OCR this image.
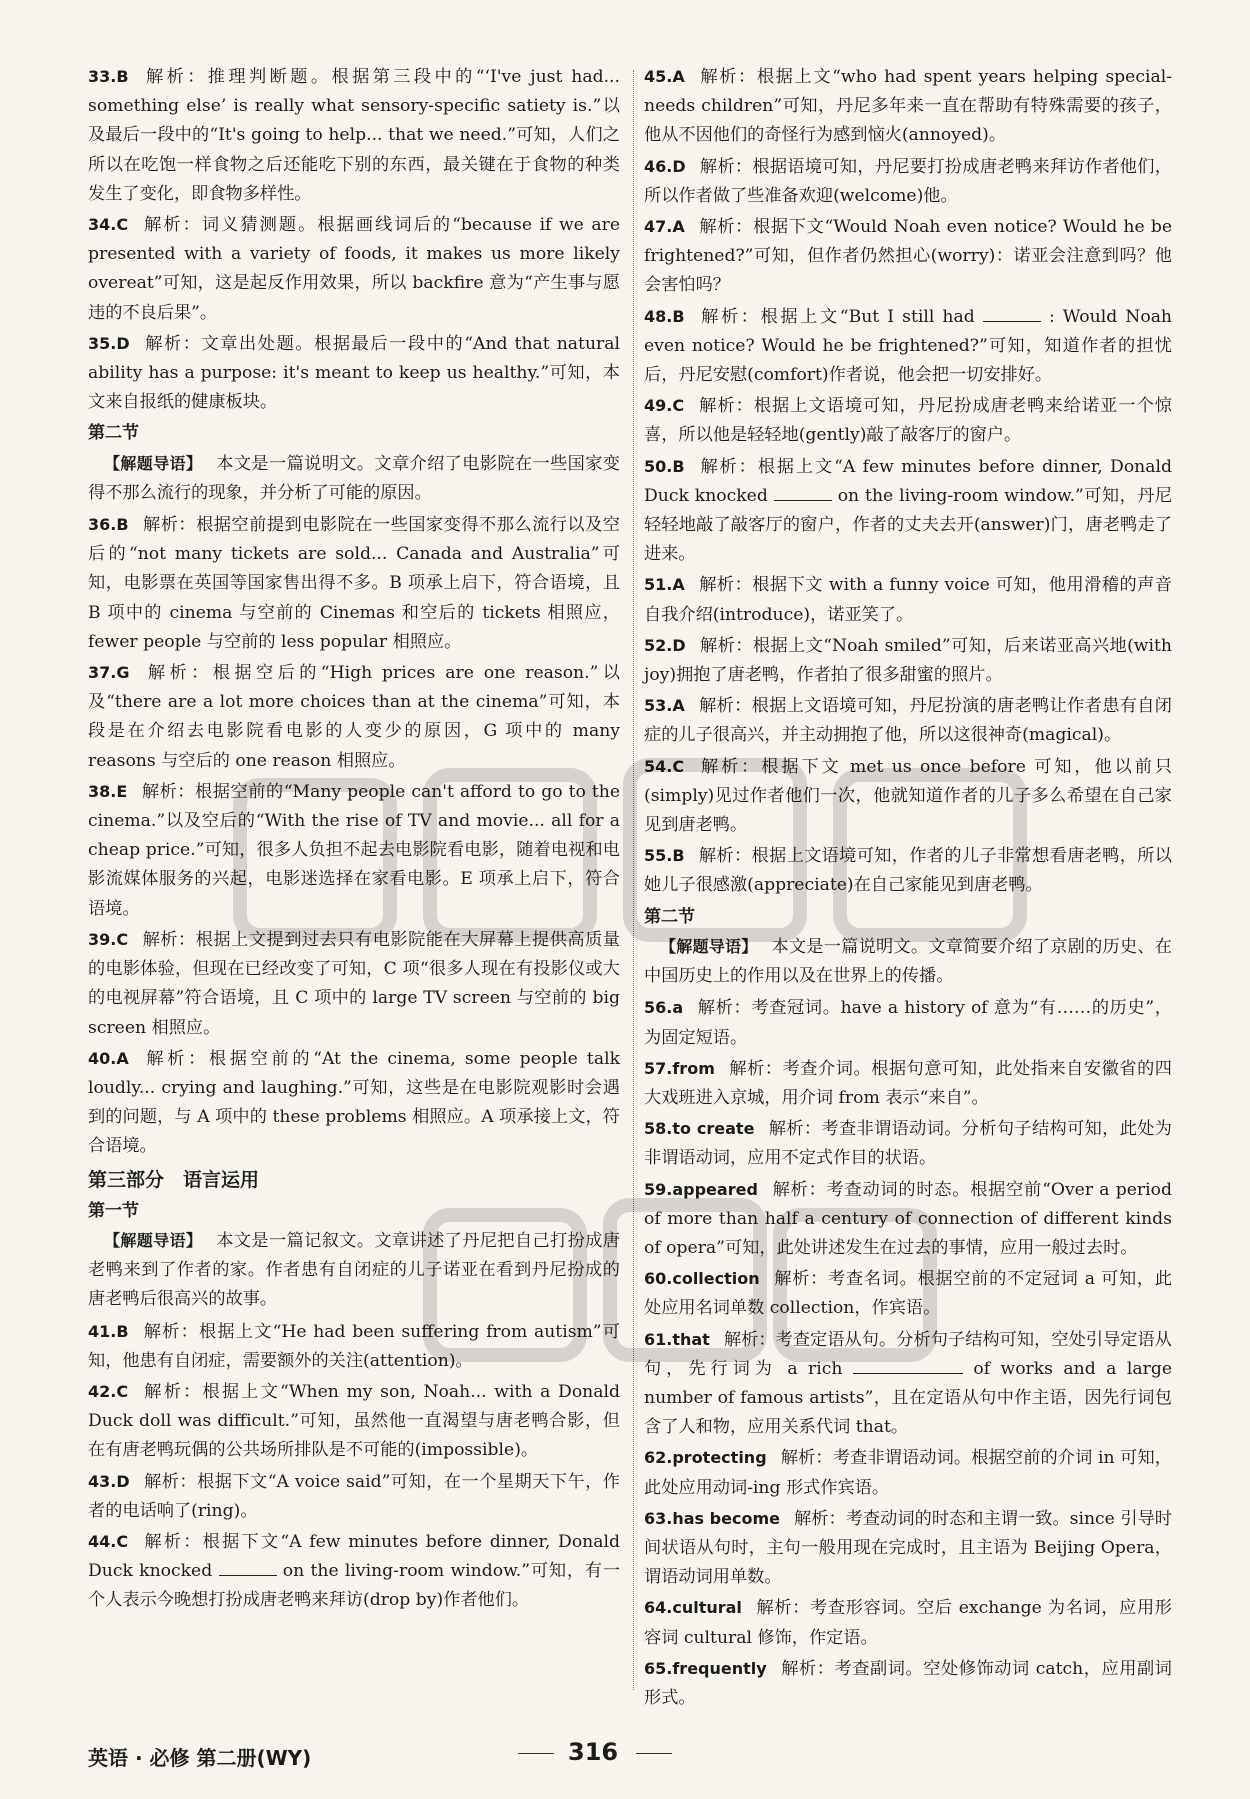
33.B 解析：推理判断题。根据第三段中的“‘I've just had... something else’ is really what sensory-specific satiety is.”以及最后一段中的“It's going to help... that we need.”可知，人们之所以在吃饱一样食物之后还能吃下别的东西，最关键在于食物的种类发生了变化，即食物多样性。
34.C 解析：词义猜测题。根据画线词后的“because if we are presented with a variety of foods, it makes us more likely overeat”可知，这是起反作用效果，所以 backfire 意为“产生事与愿违的不良后果”。
35.D 解析：文章出处题。根据最后一段中的“And that natural ability has a purpose: it's meant to keep us healthy.”可知，本文来自报纸的健康板块。
第二节
【解题导语】 本文是一篇说明文。文章介绍了电影院在一些国家变得不那么流行的现象，并分析了可能的原因。
36.B 解析：根据空前提到电影院在一些国家变得不那么流行以及空后的“not many tickets are sold... Canada and Australia”可知，电影票在英国等国家售出得不多。B 项承上启下，符合语境，且 B 项中的 cinema 与空前的 Cinemas 和空后的 tickets 相照应，fewer people 与空前的 less popular 相照应。
37.G 解析：根据空后的“High prices are one reason.”以及“there are a lot more choices than at the cinema”可知，本段是在介绍去电影院看电影的人变少的原因，G 项中的 many reasons 与空后的 one reason 相照应。
38.E 解析：根据空前的“Many people can't afford to go to the cinema.”以及空后的“With the rise of TV and movie... all for a cheap price.”可知，很多人负担不起去电影院看电影，随着电视和电影流媒体服务的兴起，电影迷选择在家看电影。E 项承上启下，符合语境。
39.C 解析：根据上文提到过去只有电影院能在大屏幕上提供高质量的电影体验，但现在已经改变了可知，C 项“很多人现在有投影仪或大的电视屏幕”符合语境，且 C 项中的 large TV screen 与空前的 big screen 相照应。
40.A 解析：根据空前的“At the cinema, some people talk loudly... crying and laughing.”可知，这些是在电影院观影时会遇到的问题，与 A 项中的 these problems 相照应。A 项承接上文，符合语境。
第三部分　语言运用
第一节
【解题导语】 本文是一篇记叙文。文章讲述了丹尼把自己打扮成唐老鸭来到了作者的家。作者患有自闭症的儿子诺亚在看到丹尼扮成的唐老鸭后很高兴的故事。
41.B 解析：根据上文“He had been suffering from autism”可知，他患有自闭症，需要额外的关注(attention)。
42.C 解析：根据上文“When my son, Noah... with a Donald Duck doll was difficult.”可知，虽然他一直渴望与唐老鸭合影，但在有唐老鸭玩偶的公共场所排队是不可能的(impossible)。
43.D 解析：根据下文“A voice said”可知，在一个星期天下午，作者的电话响了(ring)。
44.C 解析：根据下文“A few minutes before dinner, Donald Duck knocked	on the living-room window.”可知，有一个人表示今晚想打扮成唐老鸭来拜访(drop by)作者他们。
45.A 解析：根据上文“who had spent years helping special-needs children”可知，丹尼多年来一直在帮助有特殊需要的孩子，他从不因他们的奇怪行为感到恼火(annoyed)。
46.D 解析：根据语境可知，丹尼要打扮成唐老鸭来拜访作者他们，所以作者做了些准备欢迎(welcome)他。
47.A 解析：根据下文“Would Noah even notice? Would he be frightened?”可知，但作者仍然担心(worry)：诺亚会注意到吗？他会害怕吗？
48.B 解析：根据上文“But I still had	: Would Noah even notice? Would he be frightened?”可知，知道作者的担忧后，丹尼安慰(comfort)作者说，他会把一切安排好。
49.C 解析：根据上文语境可知，丹尼扮成唐老鸭来给诺亚一个惊喜，所以他是轻轻地(gently)敲了敲客厅的窗户。
50.B 解析：根据上文“A few minutes before dinner, Donald Duck knocked	on the living-room window.”可知，丹尼轻轻地敲了敲客厅的窗户，作者的丈夫去开(answer)门，唐老鸭走了进来。
51.A 解析：根据下文 with a funny voice 可知，他用滑稽的声音自我介绍(introduce)，诺亚笑了。
52.D 解析：根据上文“Noah smiled”可知，后来诺亚高兴地(with joy)拥抱了唐老鸭，作者拍了很多甜蜜的照片。
53.A 解析：根据上文语境可知，丹尼扮演的唐老鸭让作者患有自闭症的儿子很高兴，并主动拥抱了他，所以这很神奇(magical)。
54.C 解析：根据下文 met us once before 可知，他以前只(simply)见过作者他们一次，他就知道作者的儿子多么希望在自己家见到唐老鸭。
55.B 解析：根据上文语境可知，作者的儿子非常想看唐老鸭，所以她儿子很感激(appreciate)在自己家能见到唐老鸭。
第二节
【解题导语】 本文是一篇说明文。文章简要介绍了京剧的历史、在中国历史上的作用以及在世界上的传播。
56.a 解析：考查冠词。have a history of 意为“有……的历史”，为固定短语。
57.from 解析：考查介词。根据句意可知，此处指来自安徽省的四大戏班进入京城，用介词 from 表示“来自”。
58.to create 解析：考查非谓语动词。分析句子结构可知，此处为非谓语动词，应用不定式作目的状语。
59.appeared 解析：考查动词的时态。根据空前“Over a period of more than half a century of connection of different kinds of opera”可知，此处讲述发生在过去的事情，应用一般过去时。
60.collection 解析：考查名词。根据空前的不定冠词 a 可知，此处应用名词单数 collection，作宾语。
61.that 解析：考查定语从句。分析句子结构可知，空处引导定语从句，先行词为 a rich	of works and a large number of famous artists”，且在定语从句中作主语，因先行词包含了人和物，应用关系代词 that。
62.protecting 解析：考查非谓语动词。根据空前的介词 in 可知，此处应用动词-ing 形式作宾语。
63.has become 解析：考查动词的时态和主谓一致。since 引导时间状语从句时，主句一般用现在完成时，且主语为 Beijing Opera，谓语动词用单数。
64.cultural 解析：考查形容词。空后 exchange 为名词，应用形容词 cultural 修饰，作定语。
65.frequently 解析：考查副词。空处修饰动词 catch，应用副词形式。
英语 · 必修 第二册(WY)	316
